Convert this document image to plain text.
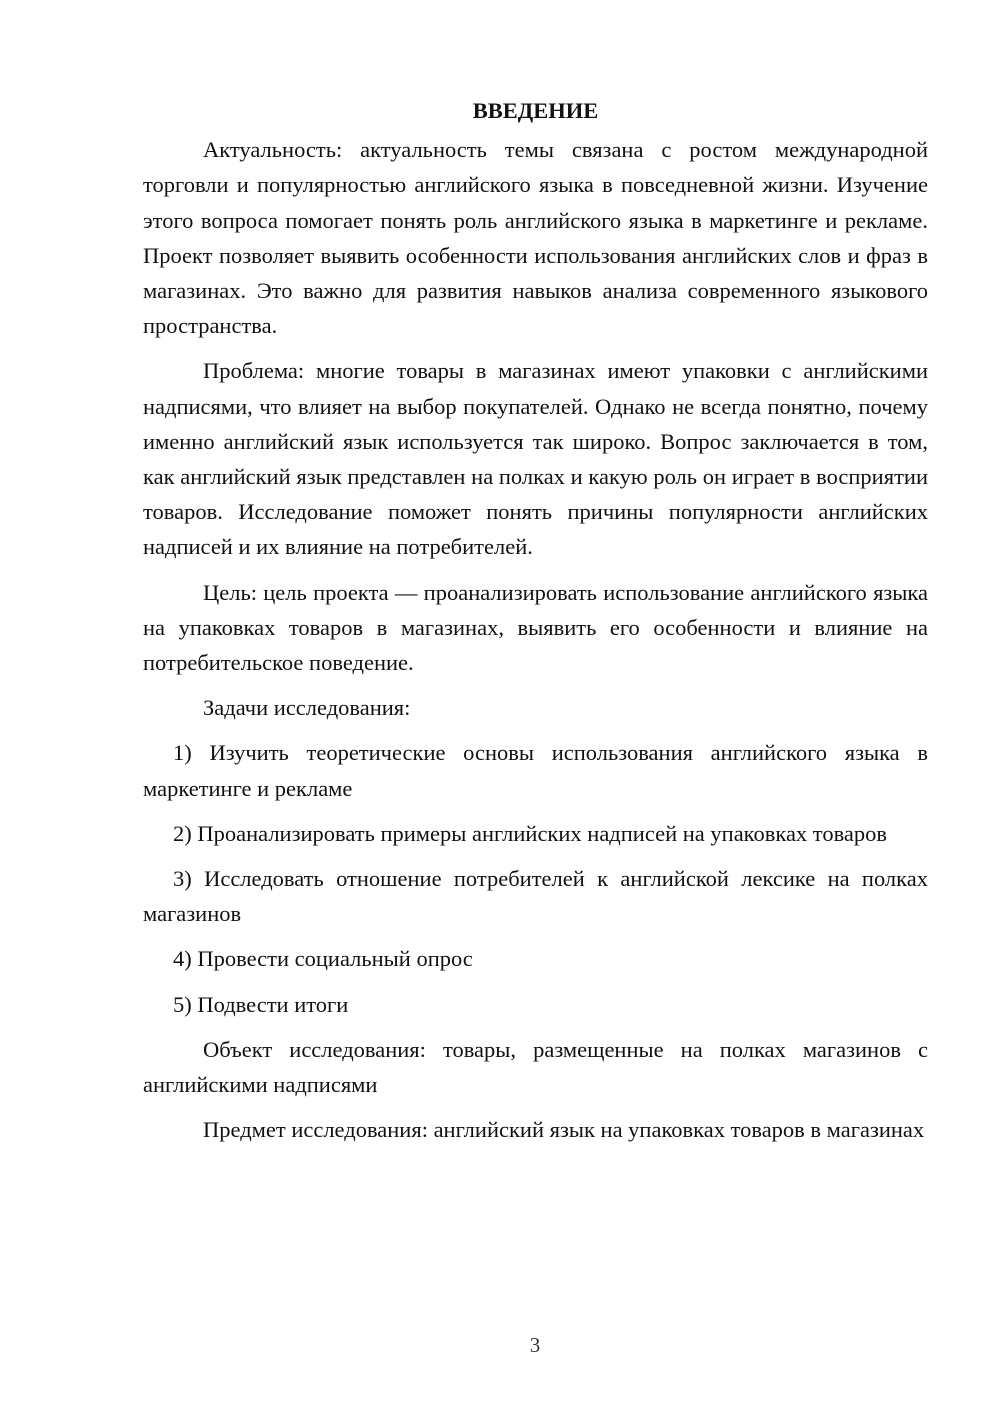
ВВЕДЕНИЕ

Актуальность: актуальность темы связана с ростом международной торговли и популярностью английского языка в повседневной жизни. Изучение этого вопроса помогает понять роль английского языка в маркетинге и рекламе. Проект позволяет выявить особенности использования английских слов и фраз в магазинах. Это важно для развития навыков анализа современного языкового пространства.

Проблема: многие товары в магазинах имеют упаковки с английскими надписями, что влияет на выбор покупателей. Однако не всегда понятно, почему именно английский язык используется так широко. Вопрос заключается в том, как английский язык представлен на полках и какую роль он играет в восприятии товаров. Исследование поможет понять причины популярности английских надписей и их влияние на потребителей.

Цель: цель проекта — проанализировать использование английского языка на упаковках товаров в магазинах, выявить его особенности и влияние на потребительское поведение.

Задачи исследования:

1) Изучить теоретические основы использования английского языка в маркетинге и рекламе

2) Проанализировать примеры английских надписей на упаковках товаров

3) Исследовать отношение потребителей к английской лексике на полках магазинов

4) Провести социальный опрос

5) Подвести итоги

Объект исследования: товары, размещенные на полках магазинов с английскими надписями

Предмет исследования: английский язык на упаковках товаров в магазинах

3
